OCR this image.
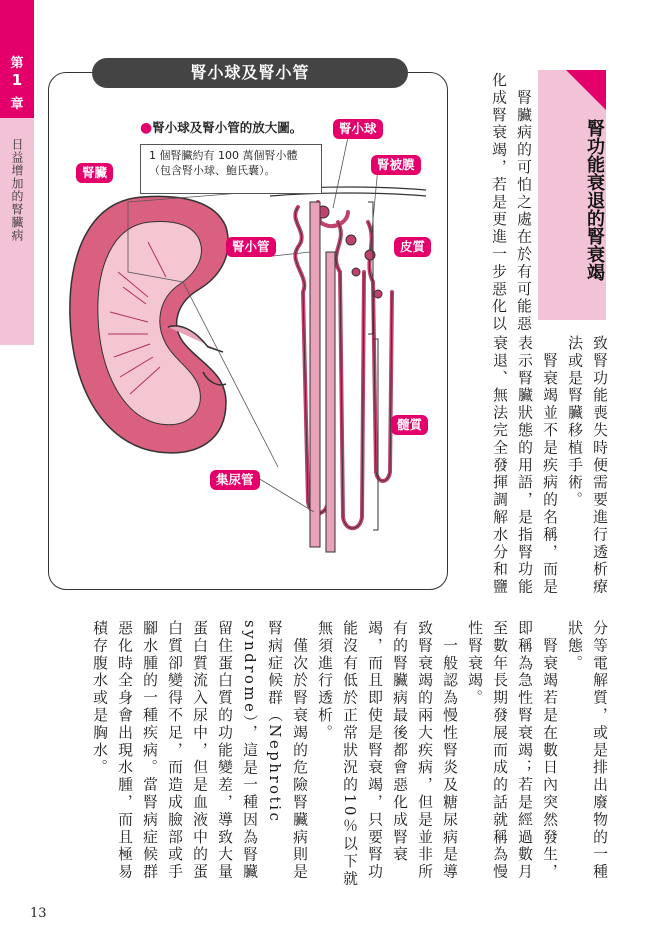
第
1
章
日益增加的腎臟病
腎小球及腎小管
●腎小球及腎小管的放大圖。
1 個腎臟約有 100 萬個腎小體（包含腎小球、鮑氏囊）。
腎臟
腎小球
腎被膜
腎小管	皮質
髓質
集尿管
腎功能衰退的
腎衰竭

　腎臟病的可怕之處在於有可能惡化成腎衰竭，若是更進一步惡化以

致腎功能喪失時便需要進行透析療法或是腎臟移植手術。

　腎衰竭並不是疾病的名稱，而是表示腎臟狀態的用語，是指腎功能衰退、無法完全發揮調解水分和鹽

分等電解質，或是排出廢物的一種狀態。

　腎衰竭若是在數日內突然發生，即稱為急性腎衰竭；若是經過數月至數年長期發展而成的話就稱為慢性腎衰竭。

　一般認為慢性腎炎及糖尿病是導致腎衰竭的兩大疾病，但是並非所有的腎臟病最後都會惡化成腎衰竭，而且即使是腎衰竭，只要腎功能沒有低於正常狀況的10％以下就無須進行透析。

　僅次於腎衰竭的危險腎臟病則是腎病症候群（Nephrotic syndrome），這是一種因為腎臟留住蛋白質的功能變差，導致大量蛋白質流入尿中，但是血液中的蛋白質卻變得不足，而造成臉部或手腳水腫的一種疾病。當腎病症候群惡化時全身會出現水腫，而且極易積存腹水或是胸水。

13
